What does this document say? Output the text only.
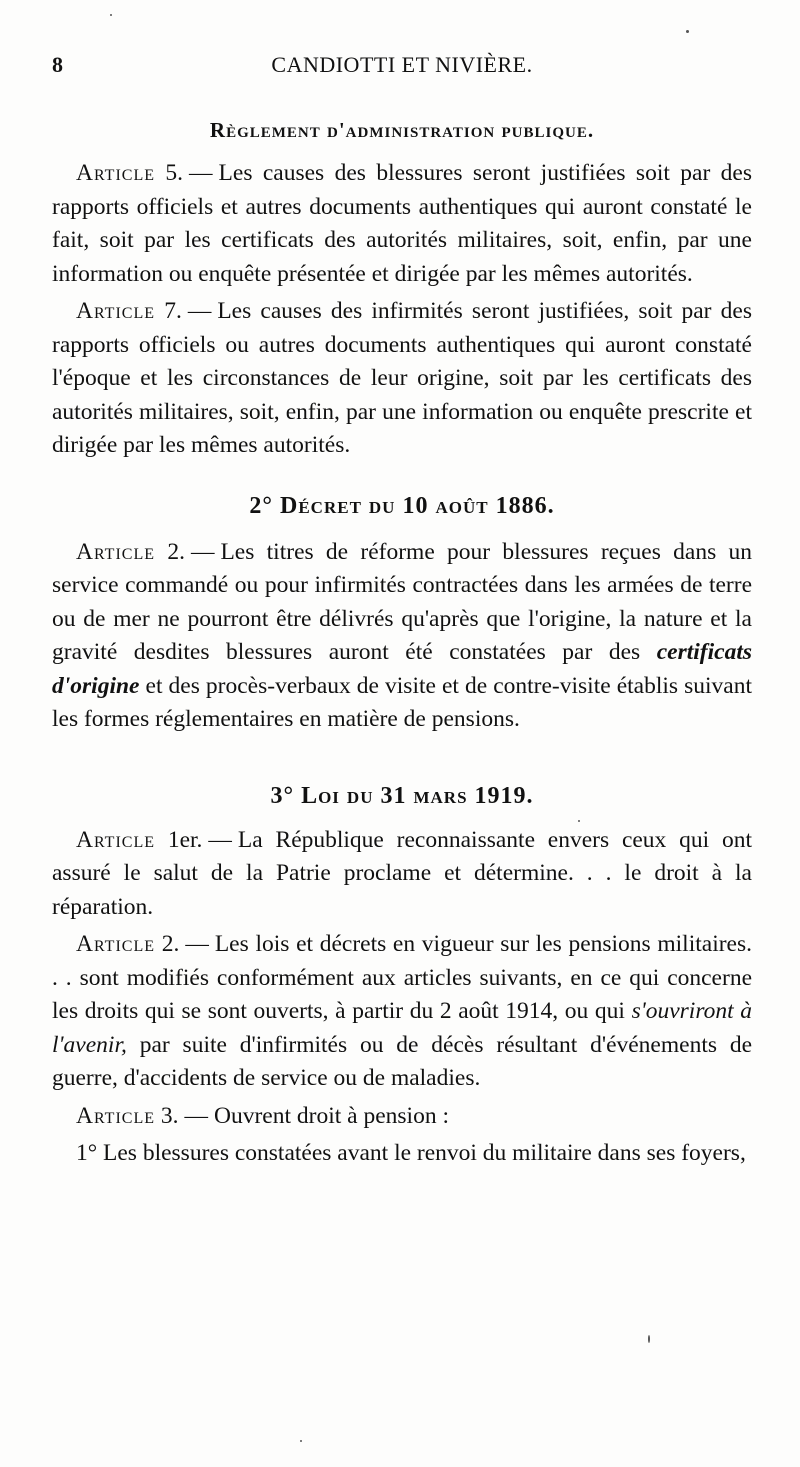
8	CANDIOTTI ET NIVIÈRE.
Règlement d'administration publique.

Article 5. — Les causes des blessures seront justifiées soit par des rapports officiels et autres documents authentiques qui auront constaté le fait, soit par les certificats des autorités militaires, soit, enfin, par une information ou enquête présentée et dirigée par les mêmes autorités.

Article 7. — Les causes des infirmités seront justifiées, soit par des rapports officiels ou autres documents authentiques qui auront constaté l'époque et les circonstances de leur origine, soit par les certificats des autorités militaires, soit, enfin, par une information ou enquête prescrite et dirigée par les mêmes autorités.

2° Décret du 10 août 1886.

Article 2. — Les titres de réforme pour blessures reçues dans un service commandé ou pour infirmités contractées dans les armées de terre ou de mer ne pourront être délivrés qu'après que l'origine, la nature et la gravité desdites blessures auront été constatées par des certificats d'origine et des procès-verbaux de visite et de contre-visite établis suivant les formes réglementaires en matière de pensions.

3° Loi du 31 mars 1919.

Article 1er. — La République reconnaissante envers ceux qui ont assuré le salut de la Patrie proclame et détermine. . . le droit à la réparation.

Article 2. — Les lois et décrets en vigueur sur les pensions militaires. . . sont modifiés conformément aux articles suivants, en ce qui concerne les droits qui se sont ouverts, à partir du 2 août 1914, ou qui s'ouvriront à l'avenir, par suite d'infirmités ou de décès résultant d'événements de guerre, d'accidents de service ou de maladies.

Article 3. — Ouvrent droit à pension :

1° Les blessures constatées avant le renvoi du militaire dans ses foyers,
